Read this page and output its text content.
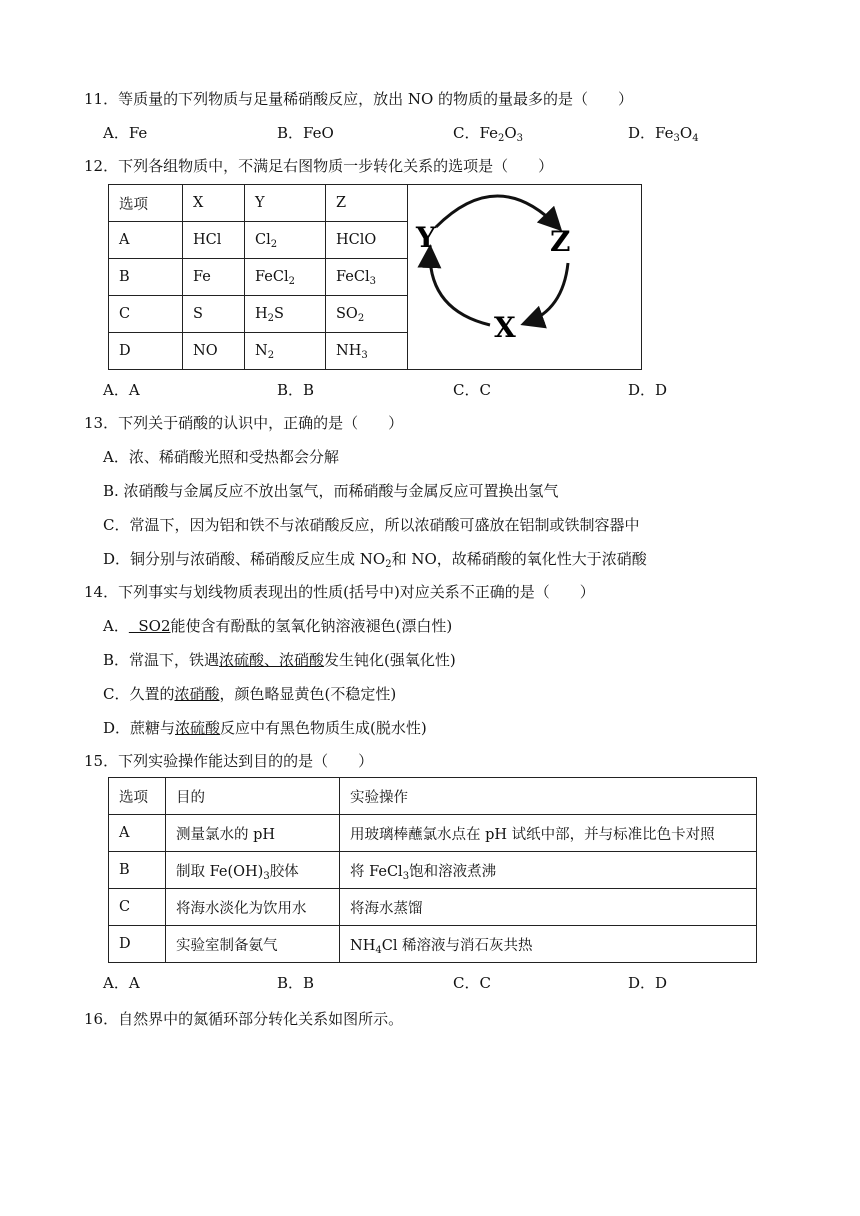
11．等质量的下列物质与足量稀硝酸反应，放出 NO 的物质的量最多的是（　　）
A．Fe	B．FeO	C．$Fe_2O_3$	D．$Fe_3O_4$
12．下列各组物质中，不满足右图物质一步转化关系的选项是（　　）
选项	X	Y	Z
A	HCl	$Cl_2$	HClO
B	Fe	FeCl$_2$	FeCl$_3$
C	S	$H_2S$	$SO_2$
D	NO	$N_2$	$NH_3$
Y	Z
X
A．A	B．B	C．C	D．D
13．下列关于硝酸的认识中，正确的是（　　）
A．浓、稀硝酸光照和受热都会分解
B. 浓硝酸与金属反应不放出氢气，而稀硝酸与金属反应可置换出氢气
C．常温下，因为铝和铁不与浓硝酸反应，所以浓硝酸可盛放在铝制或铁制容器中
D．铜分别与浓硝酸、稀硝酸反应生成 $NO_2$和 NO，故稀硝酸的氧化性大于浓硝酸
14．下列事实与划线物质表现出的性质(括号中)对应关系不正确的是（　　）
A．  SO2能使含有酚酞的氢氧化钠溶液褪色(漂白性)
B．常温下，铁遇浓硫酸、浓硝酸发生钝化(强氧化性)
C．久置的浓硝酸，颜色略显黄色(不稳定性)
D．蔗糖与浓硫酸反应中有黑色物质生成(脱水性)
15．下列实验操作能达到目的的是（　　）
选项	目的	实验操作
A	测量氯水的 pH	用玻璃棒蘸氯水点在 pH 试纸中部，并与标准比色卡对照
B	制取 $Fe(OH)_3$胶体	将 FeCl$_3$饱和溶液煮沸
C	将海水淡化为饮用水	将海水蒸馏
D	实验室制备氨气	$NH_4Cl$ 稀溶液与消石灰共热
A．A	B．B	C．C	D．D
16．自然界中的氮循环部分转化关系如图所示。
